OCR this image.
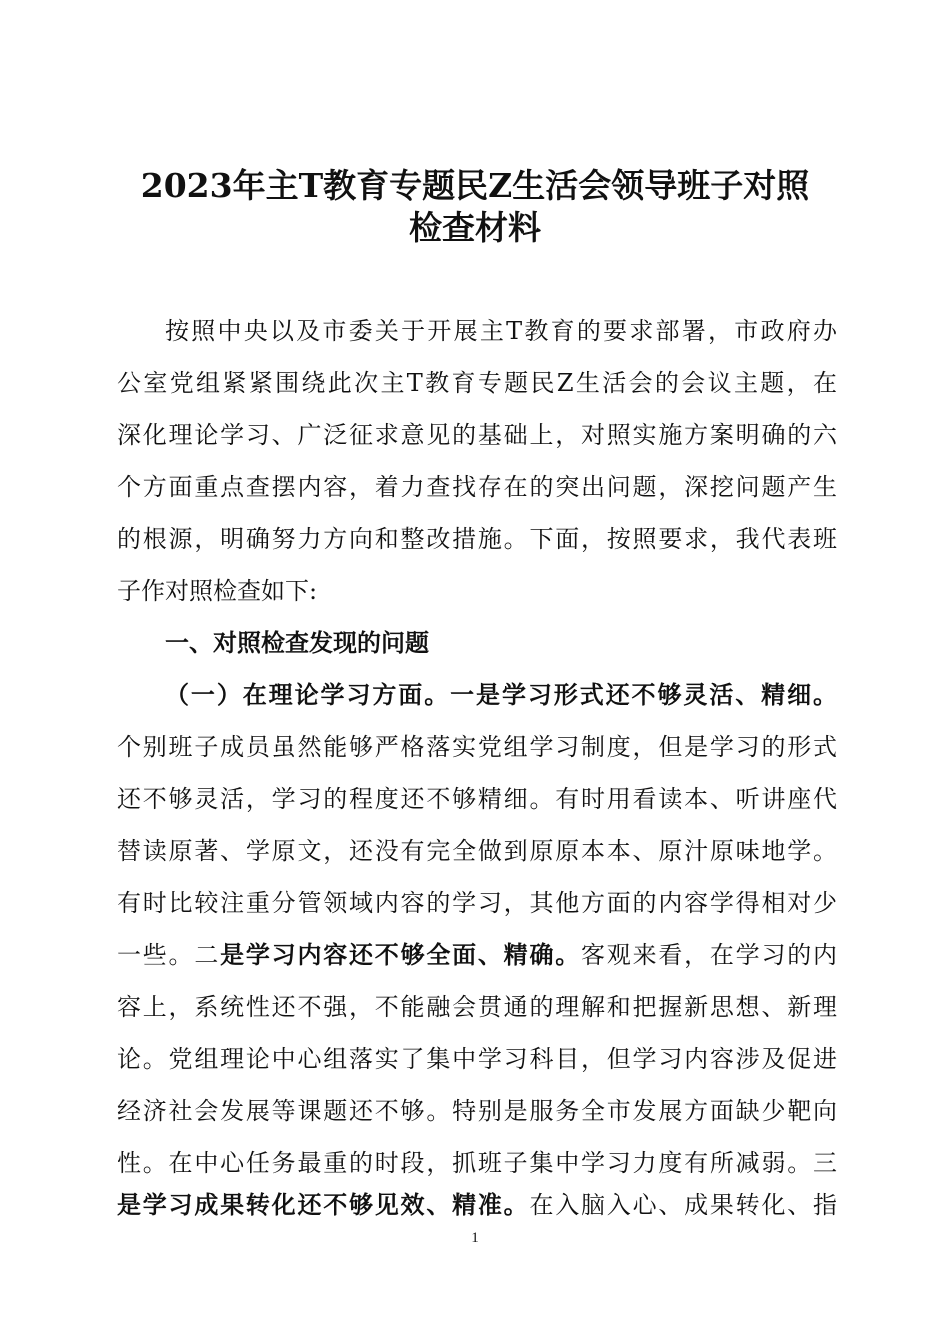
2023年主T教育专题民Z生活会领导班子对照
检查材料
按照中央以及市委关于开展主T教育的要求部署，市政府办
公室党组紧紧围绕此次主T教育专题民Z生活会的会议主题，在
深化理论学习、广泛征求意见的基础上，对照实施方案明确的六
个方面重点查摆内容，着力查找存在的突出问题，深挖问题产生
的根源，明确努力方向和整改措施。下面，按照要求，我代表班
子作对照检查如下:
一、对照检查发现的问题
（一）在理论学习方面。一是学习形式还不够灵活、精细。
个别班子成员虽然能够严格落实党组学习制度，但是学习的形式
还不够灵活，学习的程度还不够精细。有时用看读本、听讲座代
替读原著、学原文，还没有完全做到原原本本、原汁原味地学。
有时比较注重分管领域内容的学习，其他方面的内容学得相对少
一些。二是学习内容还不够全面、精确。客观来看，在学习的内
容上，系统性还不强，不能融会贯通的理解和把握新思想、新理
论。党组理论中心组落实了集中学习科目，但学习内容涉及促进
经济社会发展等课题还不够。特别是服务全市发展方面缺少靶向
性。在中心任务最重的时段，抓班子集中学习力度有所减弱。三
是学习成果转化还不够见效、精准。在入脑入心、成果转化、指
1
